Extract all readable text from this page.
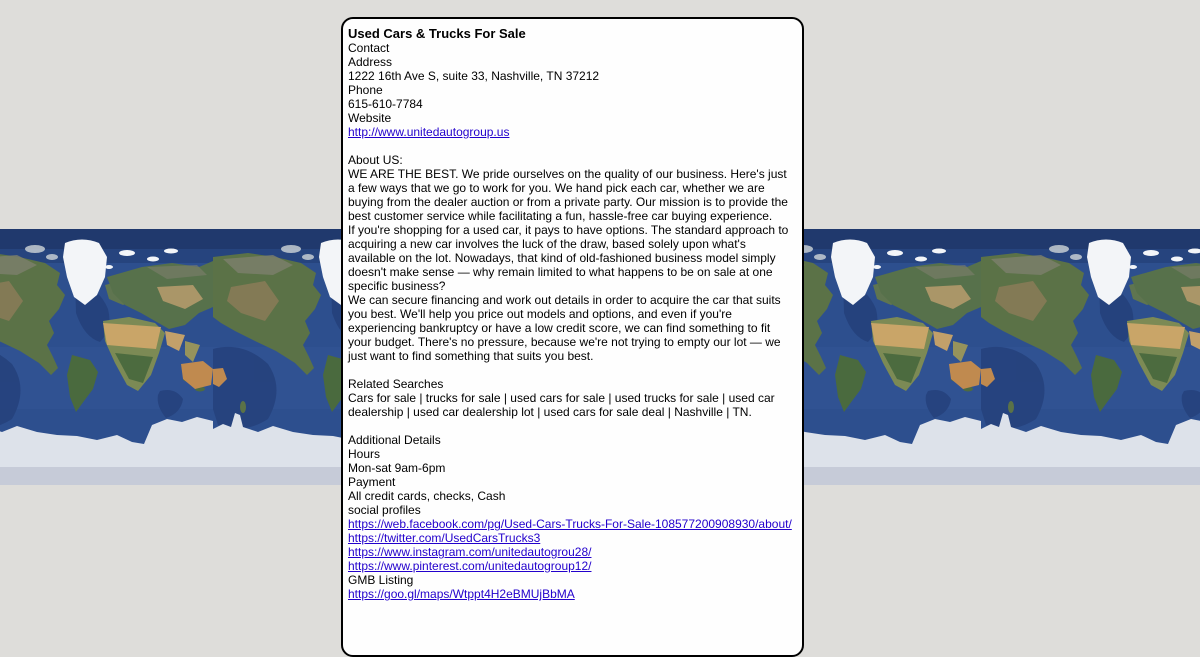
Used Cars & Trucks For Sale
Contact
Address
1222 16th Ave S, suite 33, Nashville, TN 37212
Phone
615-610-7784
Website
http://www.unitedautogroup.us
About US:
WE ARE THE BEST. We pride ourselves on the quality of our business. Here's just a few ways that we go to work for you. We hand pick each car, whether we are buying from the dealer auction or from a private party. Our mission is to provide the best customer service while facilitating a fun, hassle-free car buying experience.
If you're shopping for a used car, it pays to have options. The standard approach to acquiring a new car involves the luck of the draw, based solely upon what's available on the lot. Nowadays, that kind of old-fashioned business model simply doesn't make sense — why remain limited to what happens to be on sale at one specific business?
We can secure financing and work out details in order to acquire the car that suits you best. We'll help you price out models and options, and even if you're experiencing bankruptcy or have a low credit score, we can find something to fit your budget. There's no pressure, because we're not trying to empty our lot — we just want to find something that suits you best.
Related Searches
Cars for sale | trucks for sale | used cars for sale | used trucks for sale | used car dealership | used car dealership lot | used cars for sale deal | Nashville | TN.
Additional Details
Hours
Mon-sat 9am-6pm
Payment
All credit cards, checks, Cash
social profiles
https://web.facebook.com/pg/Used-Cars-Trucks-For-Sale-108577200908930/about/
https://twitter.com/UsedCarsTrucks3
https://www.instagram.com/unitedautogrou28/
https://www.pinterest.com/unitedautogroup12/
GMB Listing
https://goo.gl/maps/Wtppt4H2eBMUjBbMA
